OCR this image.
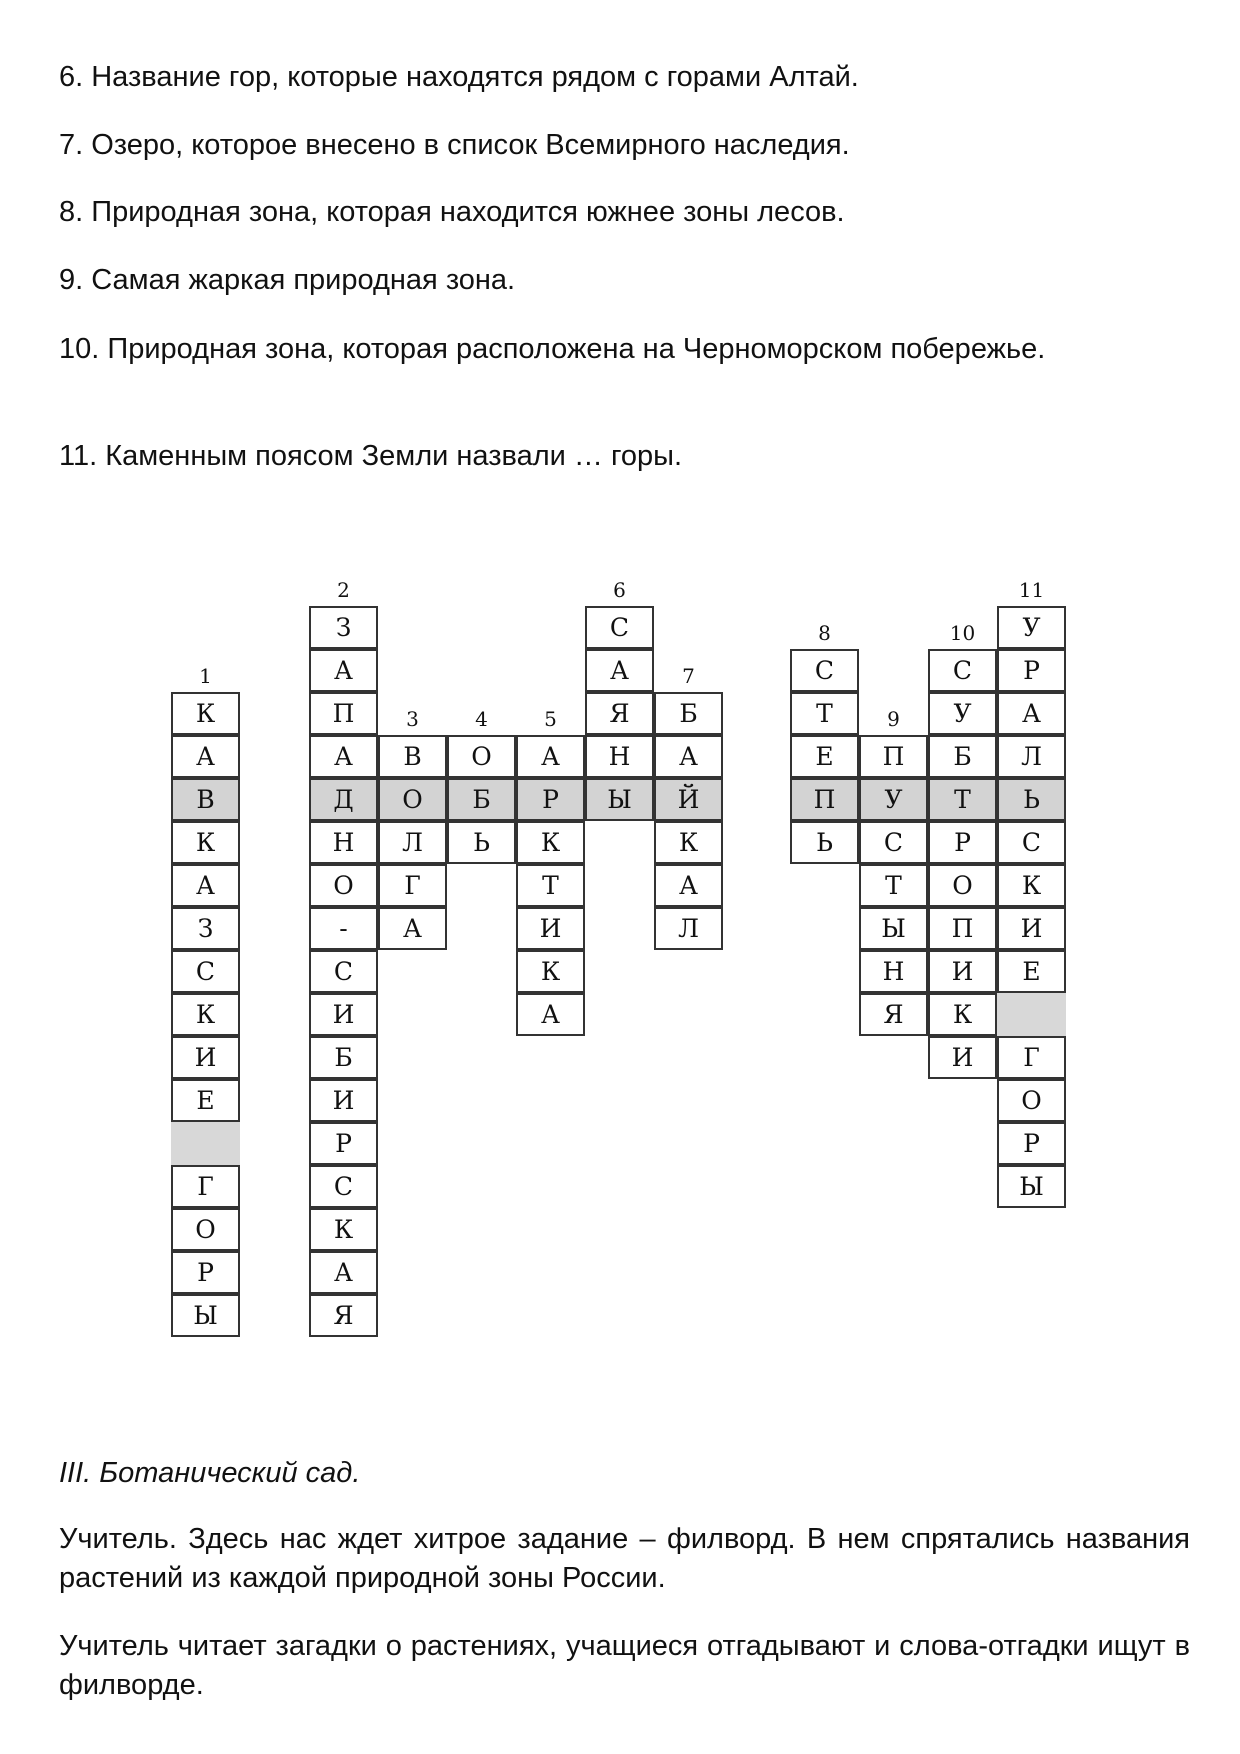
6. Название гор, которые находятся рядом с горами Алтай.

7. Озеро, которое внесено в список Всемирного наследия.

8. Природная зона, которая находится южнее зоны лесов.

9. Самая жаркая природная зона.

10. Природная зона, которая расположена на Черноморском побережье.

11. Каменным поясом Земли назвали … горы.

1
К
А
В
К
А
З
С
К
И
Е
Г
О
Р
Ы
2
З
А
П
А
Д
Н
О
-
С
И
Б
И
Р
С
К
А
Я
3
В
О
Л
Г
А
4
О
Б
Ь
5
А
Р
К
Т
И
К
А
6
С
А
Я
Н
Ы
7
Б
А
Й
К
А
Л
8
С
Т
Е
П
Ь
9
П
У
С
Т
Ы
Н
Я
10
С
У
Б
Т
Р
О
П
И
К
И
11
У
Р
А
Л
Ь
С
К
И
Е
Г
О
Р
Ы

III. Ботанический сад.

Учитель. Здесь нас ждет хитрое задание – филворд. В нем спрятались названия растений из каждой природной зоны России.

Учитель читает загадки о растениях, учащиеся отгадывают и слова-отгадки ищут в филворде.
